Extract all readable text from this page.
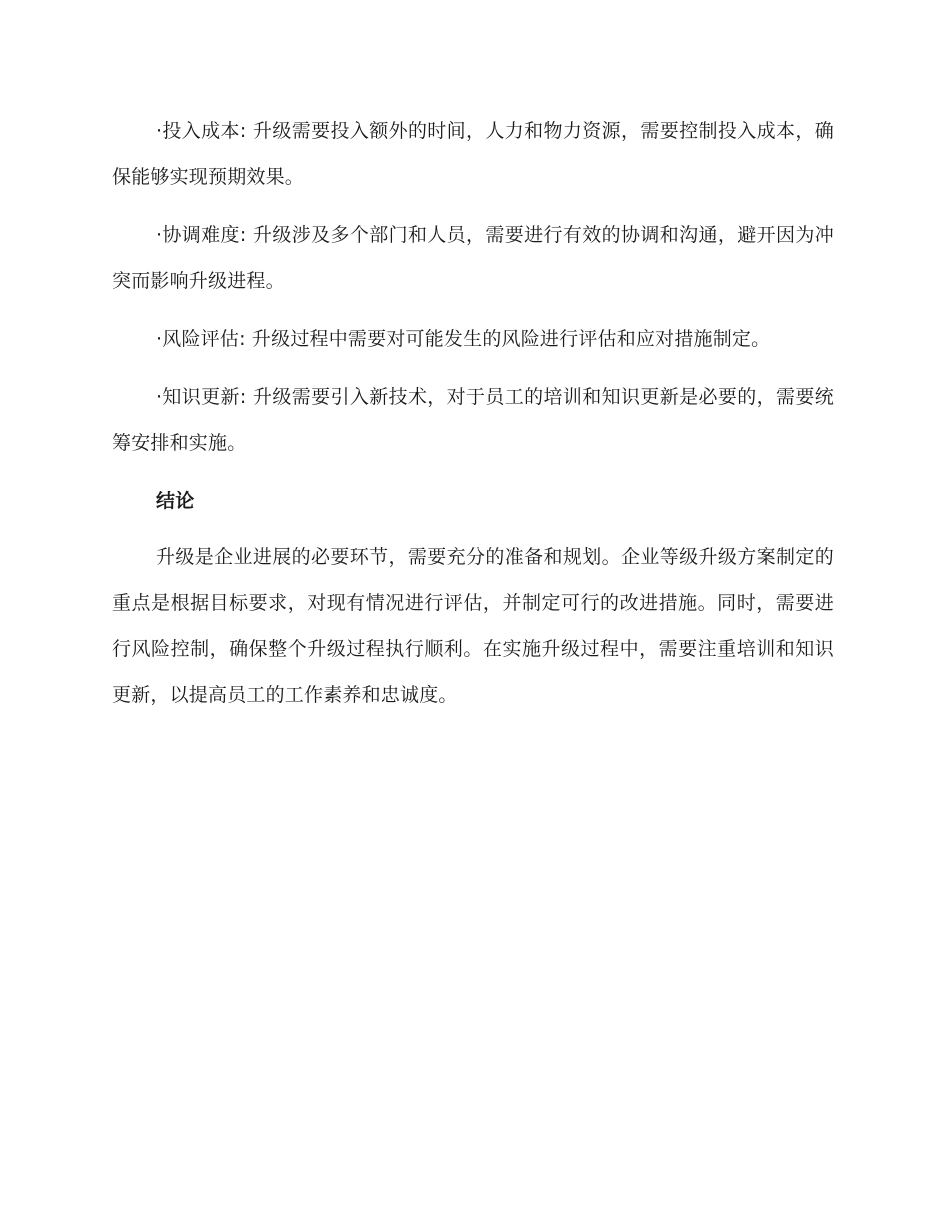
·投入成本: 升级需要投入额外的时间，人力和物力资源，需要控制投入成本，确保能够实现预期效果。

·协调难度: 升级涉及多个部门和人员，需要进行有效的协调和沟通，避开因为冲突而影响升级进程。

·风险评估: 升级过程中需要对可能发生的风险进行评估和应对措施制定。

·知识更新: 升级需要引入新技术，对于员工的培训和知识更新是必要的，需要统筹安排和实施。

结论

升级是企业进展的必要环节，需要充分的准备和规划。企业等级升级方案制定的重点是根据目标要求，对现有情况进行评估，并制定可行的改进措施。同时，需要进行风险控制，确保整个升级过程执行顺利。在实施升级过程中，需要注重培训和知识更新，以提高员工的工作素养和忠诚度。
